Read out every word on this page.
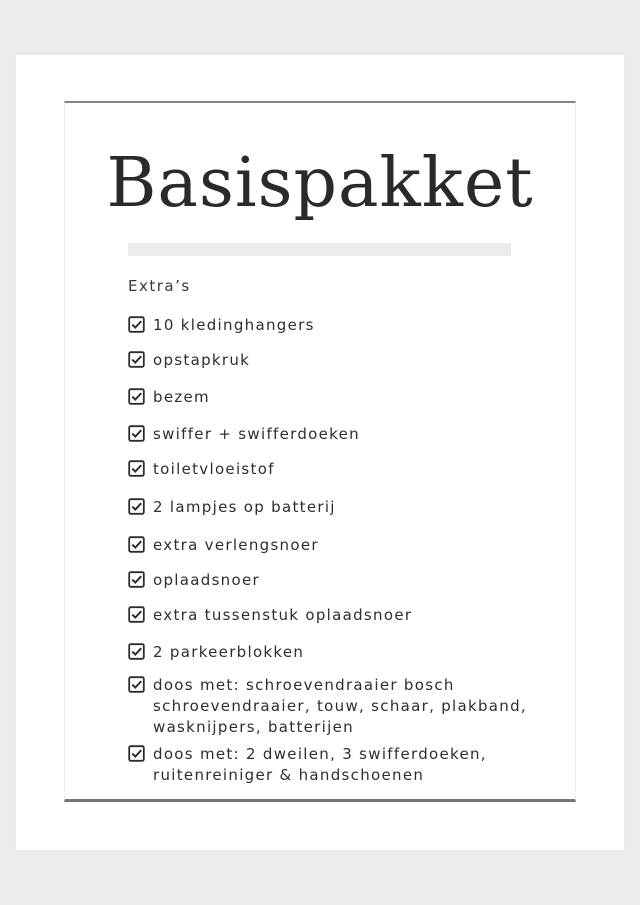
Basispakket
Extra’s
10 kledinghangers
opstapkruk
bezem
swiffer + swifferdoeken
toiletvloeistof
2 lampjes op batterij
extra verlengsnoer
oplaadsnoer
extra tussenstuk oplaadsnoer
2 parkeerblokken
doos met: schroevendraaier bosch
schroevendraaier, touw, schaar, plakband,
wasknijpers, batterijen
doos met: 2 dweilen, 3 swifferdoeken,
ruitenreiniger & handschoenen
